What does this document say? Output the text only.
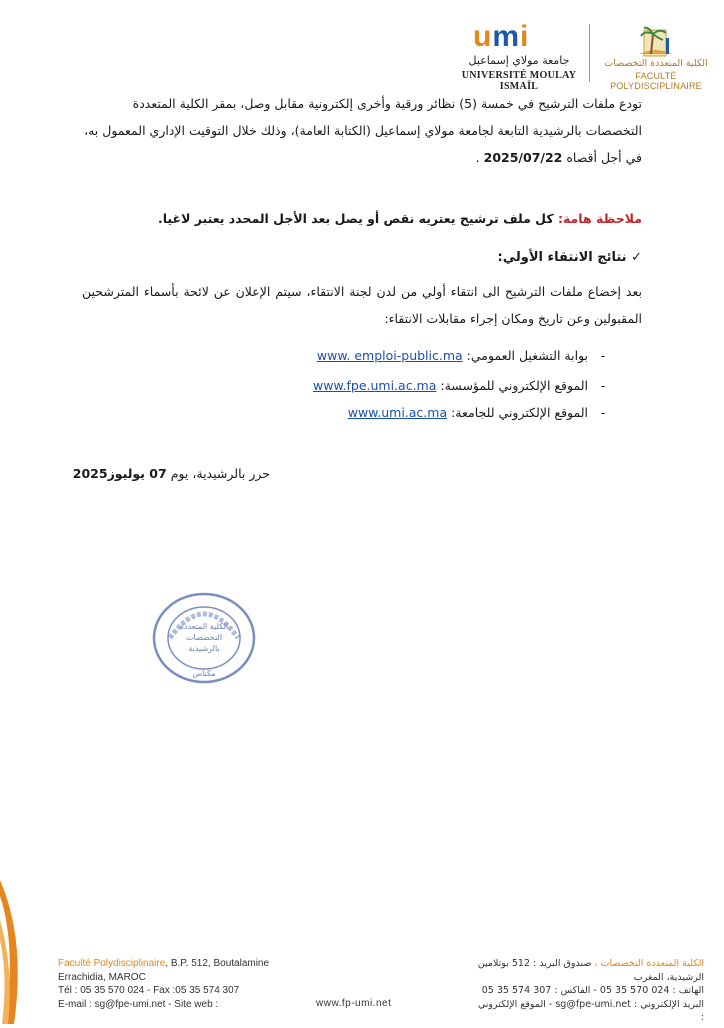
umi
جامعة مولاي إسماعيل
UNIVERSITÉ MOULAY ISMAÏL
الكلية المتعددة التخصصات
FACULTÉ POLYDISCIPLINAIRE
تودع ملفات الترشيح في خمسة (5) نظائر ورقية وأخرى إلكترونية مقابل وصل، بمقر الكلية المتعددة التخصصات بالرشيدية التابعة لجامعة مولاي إسماعيل (الكتابة العامة)، وذلك خلال التوقيت الإداري المعمول به، في أجل أقصاه 2025/07/22 .
ملاحظة هامة: كل ملف ترشيح يعتريه نقص أو يصل بعد الأجل المحدد يعتبر لاغيا.
✓ نتائج الانتقاء الأولي:
بعد إخضاع ملفات الترشيح الى انتقاء أولي من لدن لجنة الانتقاء، سيتم الإعلان عن لائحة بأسماء المترشحين المقبولين وعن تاريخ ومكان إجراء مقابلات الانتقاء:
- بوابة التشغيل العمومي: www. emploi-public.ma
- الموقع الإلكتروني للمؤسسة: www.fpe.umi.ac.ma
- الموقع الإلكتروني للجامعة: www.umi.ac.ma
حرر بالرشيدية، يوم 07 يوليوز2025
الكلية المتعددة
التخصصات
بالرشيدية
مكناس
Faculté Polydisciplinaire, B.P. 512, Boutalamine
Errachidia, MAROC
Tél : 05 35 570 024 - Fax :05 35 574 307
E-mail : sg@fpe-umi.net - Site web :	www.fp-umi.net
الكلية المتعددة التخصصات ، صندوق البريد : 512 بوتلامين
الرشيدية، المغرب
الهاتف : 024 570 35 05 - الفاكس : 307 574 35 05
البريد الإلكتروني : sg@fpe-umi.net - الموقع الإلكتروني :
